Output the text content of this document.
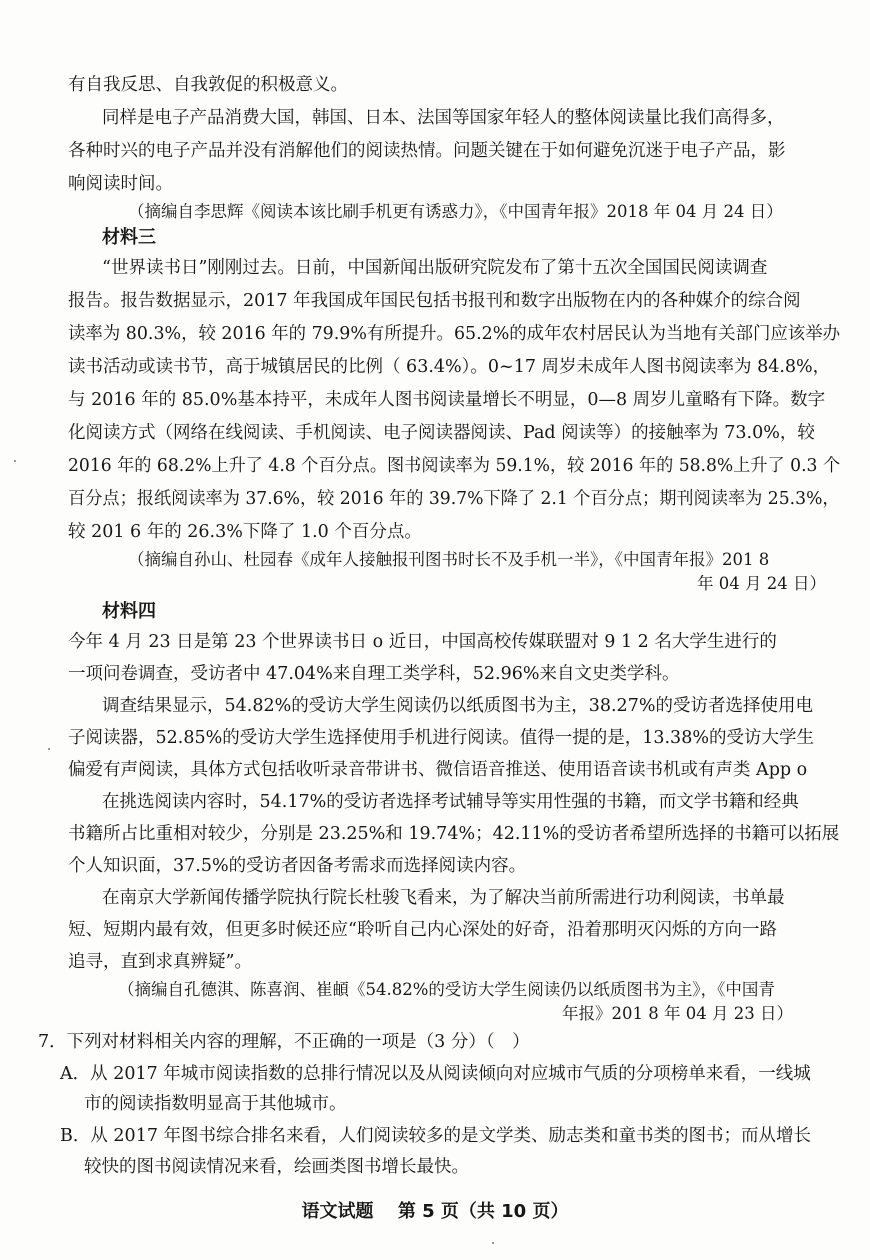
有自我反思、自我敦促的积极意义。
同样是电子产品消费大国，韩国、日本、法国等国家年轻人的整体阅读量比我们高得多，
各种时兴的电子产品并没有消解他们的阅读热情。问题关键在于如何避免沉迷于电子产品，影
响阅读时间。
（摘编自李思辉《阅读本该比刷手机更有诱惑力》，《中国青年报》2018 年 04 月 24 日）
材料三
“世界读书日”刚刚过去。日前，中国新闻出版研究院发布了第十五次全国国民阅读调查
报告。报告数据显示，2017 年我国成年国民包括书报刊和数字出版物在内的各种媒介的综合阅
读率为 80.3%，较 2016 年的 79.9%有所提升。65.2%的成年农村居民认为当地有关部门应该举办
读书活动或读书节，高于城镇居民的比例（ 63.4%）。0~17 周岁未成年人图书阅读率为 84.8%，
与 2016 年的 85.0%基本持平，未成年人图书阅读量增长不明显，0—8 周岁儿童略有下降。数字
化阅读方式（网络在线阅读、手机阅读、电子阅读器阅读、Pad 阅读等）的接触率为 73.0%，较
2016 年的 68.2%上升了 4.8 个百分点。图书阅读率为 59.1%，较 2016 年的 58.8%上升了 0.3 个
百分点；报纸阅读率为 37.6%，较 2016 年的 39.7%下降了 2.1 个百分点；期刊阅读率为 25.3%，
较 201 6 年的 26.3%下降了 1.0 个百分点。
（摘编自孙山、杜园春《成年人接触报刊图书时长不及手机一半》，《中国青年报》201 8
年 04 月 24 日）
材料四
今年 4 月 23 日是第 23 个世界读书日 o 近日，中国高校传媒联盟对 9 1 2 名大学生进行的
一项问卷调查，受访者中 47.04%来自理工类学科，52.96%来自文史类学科。
调查结果显示，54.82%的受访大学生阅读仍以纸质图书为主，38.27%的受访者选择使用电
子阅读器，52.85%的受访大学生选择使用手机进行阅读。值得一提的是，13.38%的受访大学生
偏爱有声阅读，具体方式包括收听录音带讲书、微信语音推送、使用语音读书机或有声类 App o
在挑选阅读内容时，54.17%的受访者选择考试辅导等实用性强的书籍，而文学书籍和经典
书籍所占比重相对较少，分别是 23.25%和 19.74%；42.11%的受访者希望所选择的书籍可以拓展
个人知识面，37.5%的受访者因备考需求而选择阅读内容。
在南京大学新闻传播学院执行院长杜骏飞看来，为了解决当前所需进行功利阅读，书单最
短、短期内最有效，但更多时候还应“聆听自己内心深处的好奇，沿着那明灭闪烁的方向一路
追寻，直到求真辨疑”。
（摘编自孔德淇、陈喜润、崔頔《54.82%的受访大学生阅读仍以纸质图书为主》，《中国青
年报》201 8 年 04 月 23 日）
7．下列对材料相关内容的理解，不正确的一项是（3 分）（　）
A．从 2017 年城市阅读指数的总排行情况以及从阅读倾向对应城市气质的分项榜单来看，一线城
市的阅读指数明显高于其他城市。
B．从 2017 年图书综合排名来看，人们阅读较多的是文学类、励志类和童书类的图书；而从增长
较快的图书阅读情况来看，绘画类图书增长最快。
语文试题　 第 5 页（共 10 页）
